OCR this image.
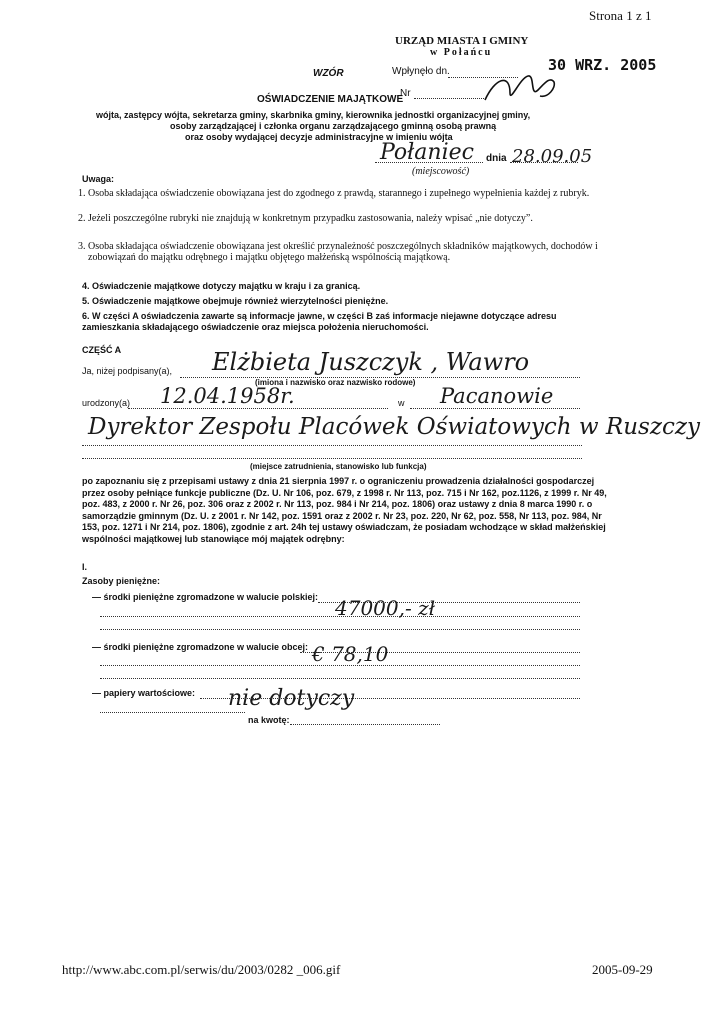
Strona 1 z 1
URZĄD MIASTA I GMINY
w Połańcu
30 WRZ. 2005
WZÓR	Wpłynęło dn.
Nr
OŚWIADCZENIE MAJĄTKOWE
wójta, zastępcy wójta, sekretarza gminy, skarbnika gminy, kierownika jednostki organizacyjnej gminy,
osoby zarządzającej i członka organu zarządzającego gminną osobą prawną
oraz osoby wydającej decyzje administracyjne w imieniu wójta
Połaniec dnia 28.09.05
(miejscowość)
Uwaga:
1. Osoba składająca oświadczenie obowiązana jest do zgodnego z prawdą, starannego i zupełnego wypełnienia każdej z rubryk.
2. Jeżeli poszczególne rubryki nie znajdują w konkretnym przypadku zastosowania, należy wpisać „nie dotyczy”.
3. Osoba składająca oświadczenie obowiązana jest określić przynależność poszczególnych składników majątkowych, dochodów i zobowiązań do majątku odrębnego i majątku objętego małżeńską wspólnością majątkową.
4. Oświadczenie majątkowe dotyczy majątku w kraju i za granicą.
5. Oświadczenie majątkowe obejmuje również wierzytelności pieniężne.
6. W części A oświadczenia zawarte są informacje jawne, w części B zaś informacje niejawne dotyczące adresu zamieszkania składającego oświadczenie oraz miejsca położenia nieruchomości.
CZĘŚĆ A
Ja, niżej podpisany(a), Elżbieta Juszczyk , Wawro
(imiona i nazwisko oraz nazwisko rodowe)
urodzony(a) 12.04.1958r.	w Pacanowie
Dyrektor Zespołu Placówek Oświatowych w Ruszczy
(miejsce zatrudnienia, stanowisko lub funkcja)
po zapoznaniu się z przepisami ustawy z dnia 21 sierpnia 1997 r. o ograniczeniu prowadzenia działalności gospodarczej przez osoby pełniące funkcje publiczne (Dz. U. Nr 106, poz. 679, z 1998 r. Nr 113, poz. 715 i Nr 162, poz.1126, z 1999 r. Nr 49, poz. 483, z 2000 r. Nr 26, poz. 306 oraz z 2002 r. Nr 113, poz. 984 i Nr 214, poz. 1806) oraz ustawy z dnia 8 marca 1990 r. o samorządzie gminnym (Dz. U. z 2001 r. Nr 142, poz. 1591 oraz z 2002 r. Nr 23, poz. 220, Nr 62, poz. 558, Nr 113, poz. 984, Nr 153, poz. 1271 i Nr 214, poz. 1806), zgodnie z art. 24h tej ustawy oświadczam, że posiadam wchodzące w skład małżeńskiej wspólności majątkowej lub stanowiące mój majątek odrębny:
I.
Zasoby pieniężne:
— środki pieniężne zgromadzone w walucie polskiej: 47000,- zł
— środki pieniężne zgromadzone w walucie obcej: € 78,10
— papiery wartościowe: nie dotyczy
na kwotę:
http://www.abc.com.pl/serwis/du/2003/0282 _006.gif	2005-09-29
